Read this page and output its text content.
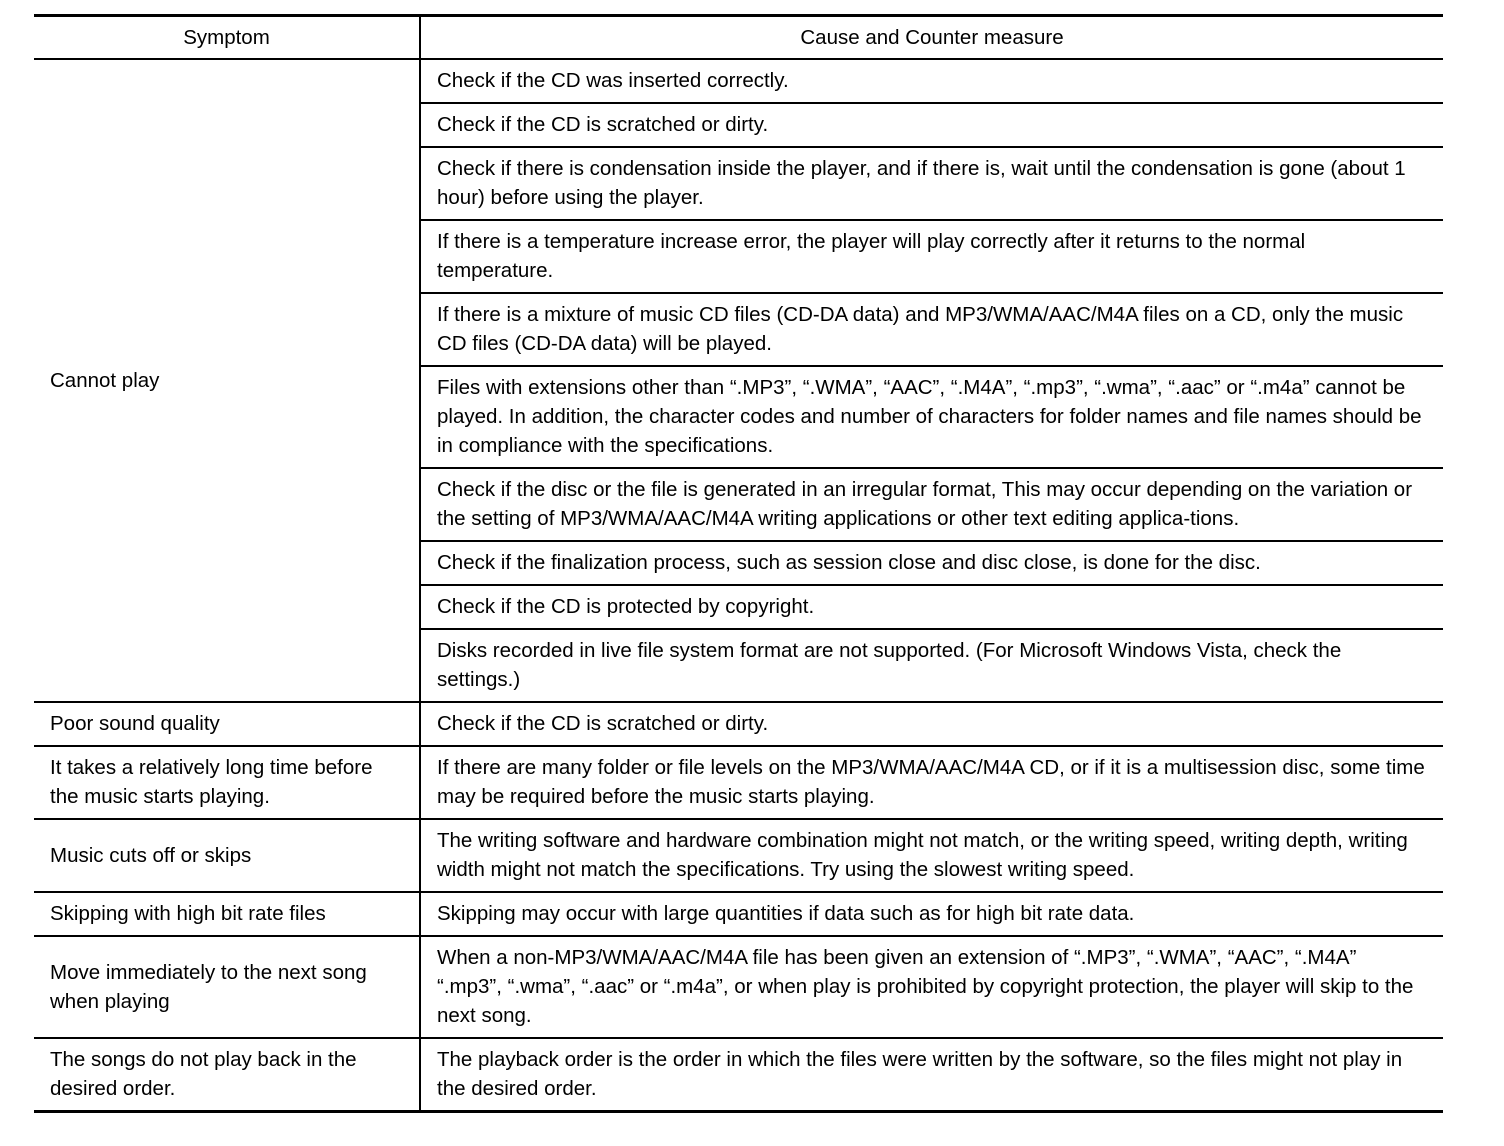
Symptom	Cause and Counter measure
Cannot play	Check if the CD was inserted correctly.
	Check if the CD is scratched or dirty.
	Check if there is condensation inside the player, and if there is, wait until the condensation is gone (about 1 hour) before using the player.
	If there is a temperature increase error, the player will play correctly after it returns to the normal temperature.
	If there is a mixture of music CD files (CD-DA data) and MP3/WMA/AAC/M4A files on a CD, only the music CD files (CD-DA data) will be played.
	Files with extensions other than “.MP3”, “.WMA”, “AAC”, “.M4A”, “.mp3”, “.wma”, “.aac” or “.m4a” cannot be played. In addition, the character codes and number of characters for folder names and file names should be in compliance with the specifications.
	Check if the disc or the file is generated in an irregular format, This may occur depending on the variation or the setting of MP3/WMA/AAC/M4A writing applications or other text editing applica-tions.
	Check if the finalization process, such as session close and disc close, is done for the disc.
	Check if the CD is protected by copyright.
	Disks recorded in live file system format are not supported. (For Microsoft Windows Vista, check the settings.)
Poor sound quality	Check if the CD is scratched or dirty.
It takes a relatively long time before the music starts playing.	If there are many folder or file levels on the MP3/WMA/AAC/M4A CD, or if it is a multisession disc, some time may be required before the music starts playing.
Music cuts off or skips	The writing software and hardware combination might not match, or the writing speed, writing depth, writing width might not match the specifications. Try using the slowest writing speed.
Skipping with high bit rate files	Skipping may occur with large quantities if data such as for high bit rate data.
Move immediately to the next song when playing	When a non-MP3/WMA/AAC/M4A file has been given an extension of “.MP3”, “.WMA”, “AAC”, “.M4A” “.mp3”, “.wma”, “.aac” or “.m4a”, or when play is prohibited by copyright protection, the player will skip to the next song.
The songs do not play back in the desired order.	The playback order is the order in which the files were written by the software, so the files might not play in the desired order.
